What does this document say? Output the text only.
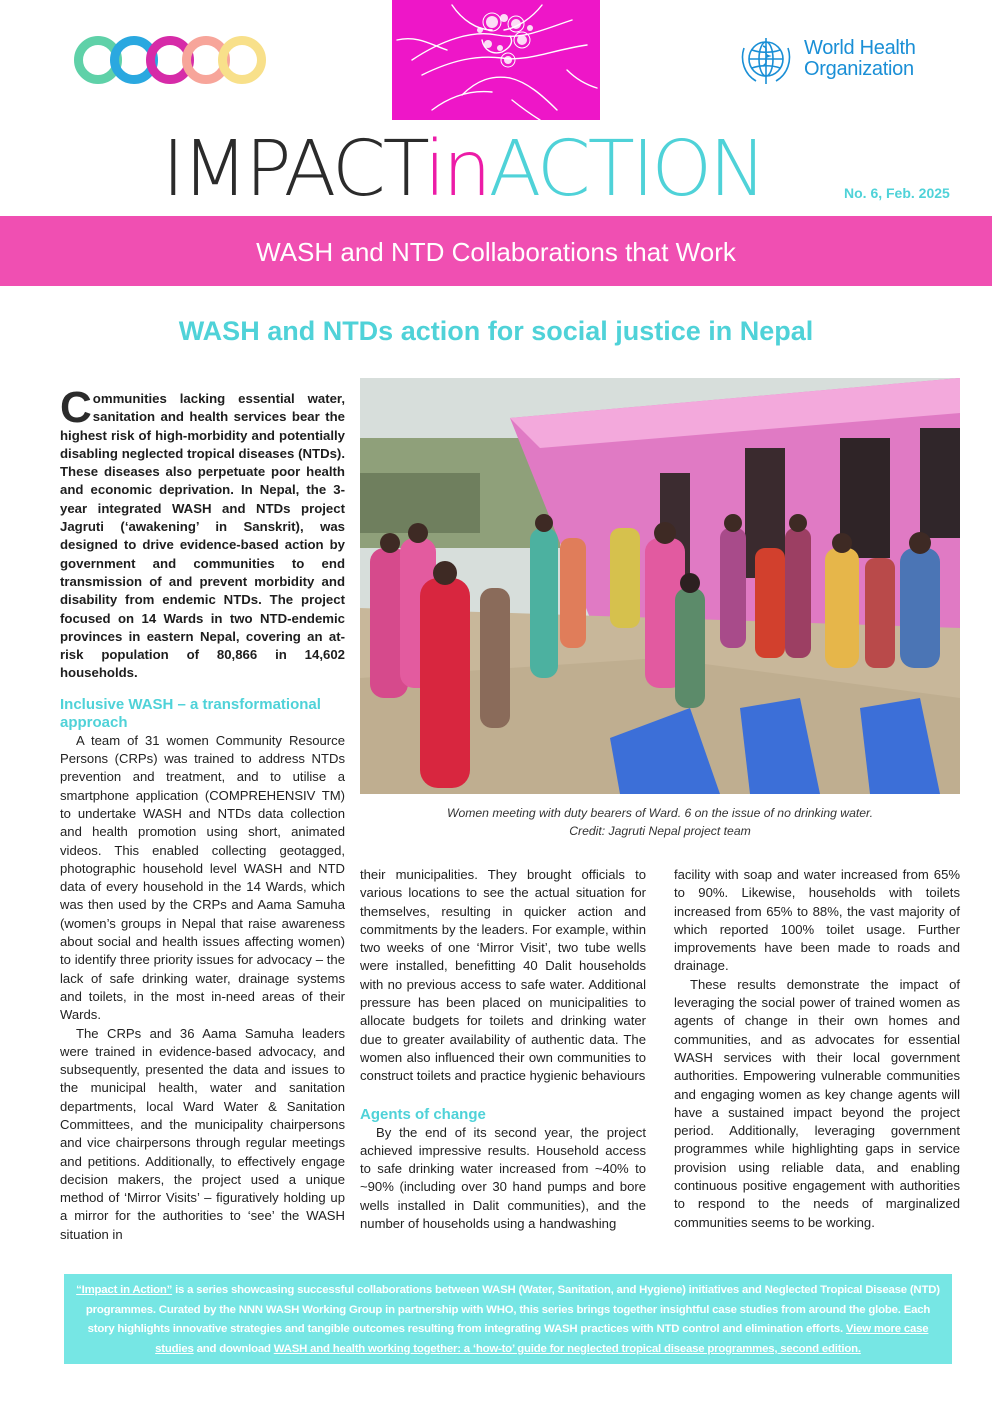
World Health
Organization
IMPACTinACTION	No. 6, Feb. 2025
WASH and NTD Collaborations that Work
WASH and NTDs action for social justice in Nepal

Communities lacking essential water, sanitation and health services bear the highest risk of high-morbidity and potentially disabling neglected tropical diseases (NTDs). These diseases also perpetuate poor health and economic deprivation. In Nepal, the 3-year integrated WASH and NTDs project Jagruti (‘awakening’ in Sanskrit), was designed to drive evidence-based action by government and communities to end transmission of and prevent morbidity and disability from endemic NTDs. The project focused on 14 Wards in two NTD-endemic provinces in eastern Nepal, covering an at-risk population of 80,866 in 14,602 households.

Inclusive WASH – a transformational approach

A team of 31 women Community Resource Persons (CRPs) was trained to address NTDs prevention and treatment, and to utilise a smartphone application (COMPREHENSIV TM) to undertake WASH and NTDs data collection and health promotion using short, animated videos. This enabled collecting geotagged, photographic household level WASH and NTD data of every household in the 14 Wards, which was then used by the CRPs and Aama Samuha (women’s groups in Nepal that raise awareness about social and health issues affecting women) to identify three priority issues for advocacy – the lack of safe drinking water, drainage systems and toilets, in the most in-need areas of their Wards.

The CRPs and 36 Aama Samuha leaders were trained in evidence-based advocacy, and subsequently, presented the data and issues to the municipal health, water and sanitation departments, local Ward Water & Sanitation Committees, and the municipality chairpersons and vice chairpersons through regular meetings and petitions. Additionally, to effectively engage decision makers, the project used a unique method of ‘Mirror Visits’ – figuratively holding up a mirror for the authorities to ‘see’ the WASH situation in

Women meeting with duty bearers of Ward. 6 on the issue of no drinking water.
Credit: Jagruti Nepal project team

their municipalities. They brought officials to various locations to see the actual situation for themselves, resulting in quicker action and commitments by the leaders. For example, within two weeks of one ‘Mirror Visit’, two tube wells were installed, benefitting 40 Dalit households with no previous access to safe water. Additional pressure has been placed on municipalities to allocate budgets for toilets and drinking water due to greater availability of authentic data. The women also influenced their own communities to construct toilets and practice hygienic behaviours

Agents of change

By the end of its second year, the project achieved impressive results. Household access to safe drinking water increased from ~40% to ~90% (including over 30 hand pumps and bore wells installed in Dalit communities), and the number of households using a handwashing

facility with soap and water increased from 65% to 90%. Likewise, households with toilets increased from 65% to 88%, the vast majority of which reported 100% toilet usage. Further improvements have been made to roads and drainage.

These results demonstrate the impact of leveraging the social power of trained women as agents of change in their own homes and communities, and as advocates for essential WASH services with their local government authorities. Empowering vulnerable communities and engaging women as key change agents will have a sustained impact beyond the project period. Additionally, leveraging government programmes while highlighting gaps in service provision using reliable data, and enabling continuous positive engagement with authorities to respond to the needs of marginalized communities seems to be working.

“Impact in Action” is a series showcasing successful collaborations between WASH (Water, Sanitation, and Hygiene) initiatives and Neglected Tropical Disease (NTD) programmes. Curated by the NNN WASH Working Group in partnership with WHO, this series brings together insightful case studies from around the globe. Each story highlights innovative strategies and tangible outcomes resulting from integrating WASH practices with NTD control and elimination efforts. View more case studies and download WASH and health working together: a ‘how-to’ guide for neglected tropical disease programmes, second edition.
